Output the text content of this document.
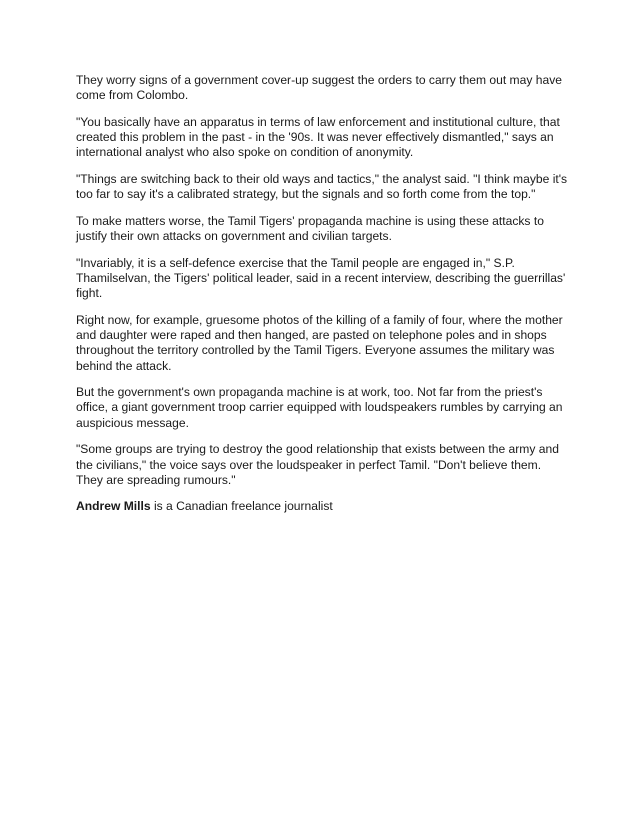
They worry signs of a government cover-up suggest the orders to carry them out may have come from Colombo.

"You basically have an apparatus in terms of law enforcement and institutional culture, that created this problem in the past - in the '90s. It was never effectively dismantled," says an international analyst who also spoke on condition of anonymity.

"Things are switching back to their old ways and tactics," the analyst said. "I think maybe it's too far to say it's a calibrated strategy, but the signals and so forth come from the top."

To make matters worse, the Tamil Tigers' propaganda machine is using these attacks to justify their own attacks on government and civilian targets.

"Invariably, it is a self-defence exercise that the Tamil people are engaged in," S.P. Thamilselvan, the Tigers' political leader, said in a recent interview, describing the guerrillas' fight.

Right now, for example, gruesome photos of the killing of a family of four, where the mother and daughter were raped and then hanged, are pasted on telephone poles and in shops throughout the territory controlled by the Tamil Tigers. Everyone assumes the military was behind the attack.

But the government's own propaganda machine is at work, too. Not far from the priest's office, a giant government troop carrier equipped with loudspeakers rumbles by carrying an auspicious message.

"Some groups are trying to destroy the good relationship that exists between the army and the civilians," the voice says over the loudspeaker in perfect Tamil. "Don't believe them. They are spreading rumours."

Andrew Mills is a Canadian freelance journalist
